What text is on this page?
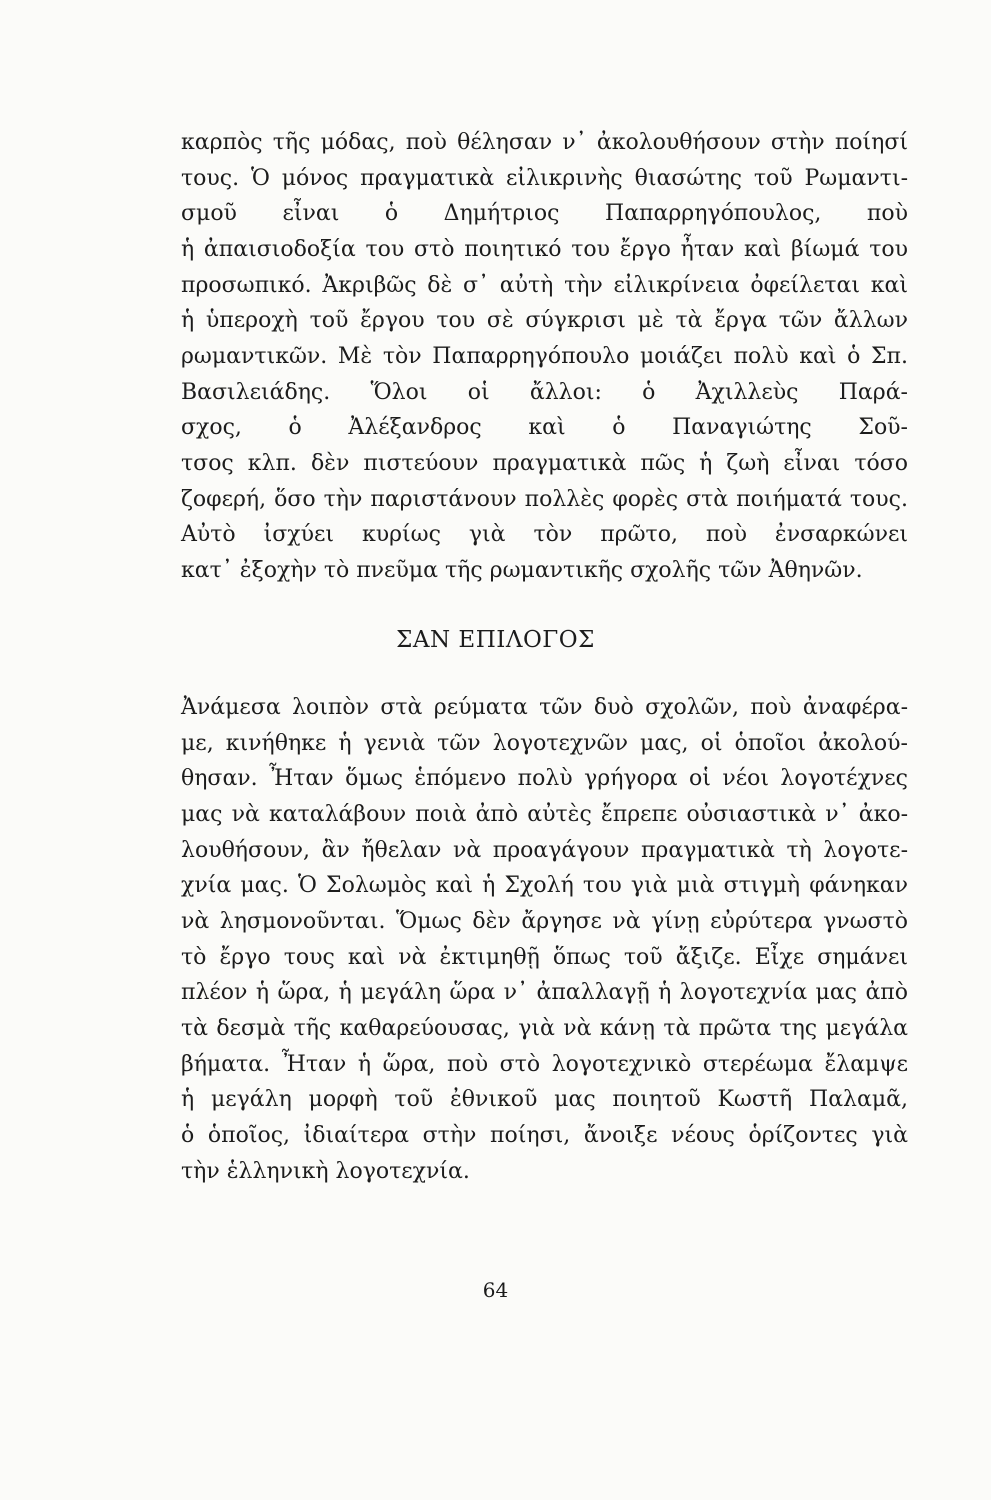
καρπὸς τῆς μόδας, ποὺ θέλησαν ν᾽ ἀκολουθήσουν στὴν ποίησί
τους. Ὁ μόνος πραγματικὰ εἰλικρινὴς θιασώτης τοῦ Ρωμαντι-
σμοῦ εἶναι ὁ Δημήτριος Παπαρρηγόπουλος, ποὺ
ἡ ἀπαισιοδοξία του στὸ ποιητικό του ἔργο ἦταν καὶ βίωμά του
προσωπικό. Ἀκριβῶς δὲ σ᾽ αὐτὴ τὴν εἰλικρίνεια ὀφείλεται καὶ
ἡ ὑπεροχὴ τοῦ ἔργου του σὲ σύγκρισι μὲ τὰ ἔργα τῶν ἄλλων
ρωμαντικῶν. Μὲ τὸν Παπαρρηγόπουλο μοιάζει πολὺ καὶ ὁ Σπ.
Βασιλειάδης. Ὅλοι οἱ ἄλλοι: ὁ Ἀχιλλεὺς Παρά-
σχος, ὁ Ἀλέξανδρος καὶ ὁ Παναγιώτης Σοῦ-
τσος κλπ. δὲν πιστεύουν πραγματικὰ πῶς ἡ ζωὴ εἶναι τόσο
ζοφερή, ὅσο τὴν παριστάνουν πολλὲς φορὲς στὰ ποιήματά τους.
Αὐτὸ ἰσχύει κυρίως γιὰ τὸν πρῶτο, ποὺ ἐνσαρκώνει
κατ᾽ ἐξοχὴν τὸ πνεῦμα τῆς ρωμαντικῆς σχολῆς τῶν Ἀθηνῶν.
ΣΑΝ ΕΠΙΛΟΓΟΣ
Ἀνάμεσα λοιπὸν στὰ ρεύματα τῶν δυὸ σχολῶν, ποὺ ἀναφέρα-
με, κινήθηκε ἡ γενιὰ τῶν λογοτεχνῶν μας, οἱ ὁποῖοι ἀκολού-
θησαν. Ἦταν ὅμως ἑπόμενο πολὺ γρήγορα οἱ νέοι λογοτέχνες
μας νὰ καταλάβουν ποιὰ ἀπὸ αὐτὲς ἔπρεπε οὐσιαστικὰ ν᾽ ἀκο-
λουθήσουν, ἂν ἤθελαν νὰ προαγάγουν πραγματικὰ τὴ λογοτε-
χνία μας. Ὁ Σολωμὸς καὶ ἡ Σχολή του γιὰ μιὰ στιγμὴ φάνηκαν
νὰ λησμονοῦνται. Ὅμως δὲν ἄργησε νὰ γίνῃ εὐρύτερα γνωστὸ
τὸ ἔργο τους καὶ νὰ ἐκτιμηθῇ ὅπως τοῦ ἄξιζε. Εἶχε σημάνει
πλέον ἡ ὥρα, ἡ μεγάλη ὥρα ν᾽ ἀπαλλαγῇ ἡ λογοτεχνία μας ἀπὸ
τὰ δεσμὰ τῆς καθαρεύουσας, γιὰ νὰ κάνῃ τὰ πρῶτα της μεγάλα
βήματα. Ἦταν ἡ ὥρα, ποὺ στὸ λογοτεχνικὸ στερέωμα ἔλαμψε
ἡ μεγάλη μορφὴ τοῦ ἐθνικοῦ μας ποιητοῦ Κωστῆ Παλαμᾶ,
ὁ ὁποῖος, ἰδιαίτερα στὴν ποίησι, ἄνοιξε νέους ὁρίζοντες γιὰ
τὴν ἑλληνικὴ λογοτεχνία.
64
